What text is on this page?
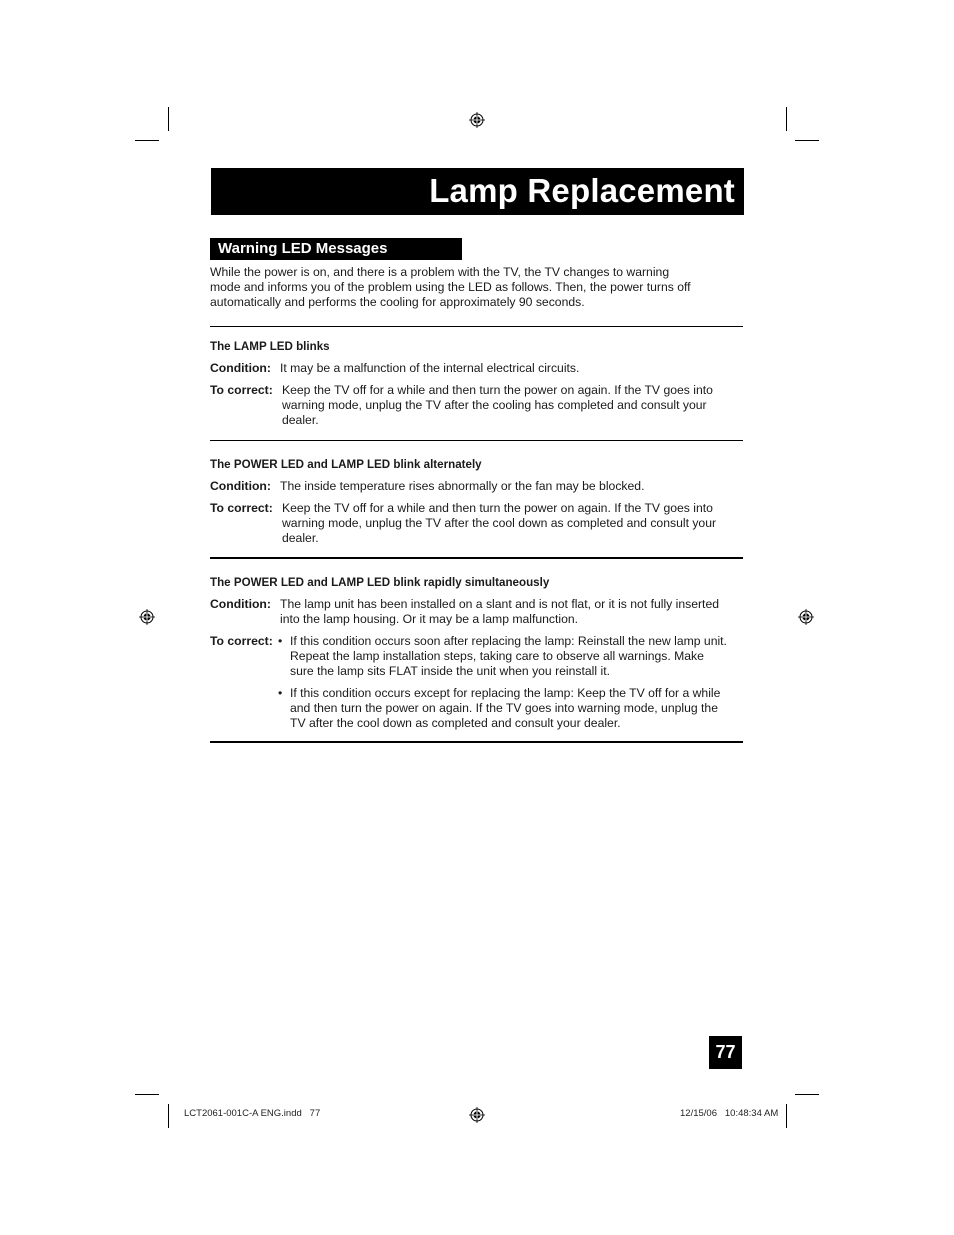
Lamp Replacement
Warning LED Messages
While the power is on, and there is a problem with the TV, the TV changes to warning
mode and informs you of the problem using the LED as follows. Then, the power turns off
automatically and performs the cooling for approximately 90 seconds.
The LAMP LED blinks
Condition: It may be a malfunction of the internal electrical circuits.
To correct: Keep the TV off for a while and then turn the power on again. If the TV goes into
warning mode, unplug the TV after the cooling has completed and consult your
dealer.
The POWER LED and LAMP LED blink alternately
Condition: The inside temperature rises abnormally or the fan may be blocked.
To correct: Keep the TV off for a while and then turn the power on again. If the TV goes into
warning mode, unplug the TV after the cool down as completed and consult your
dealer.
The POWER LED and LAMP LED blink rapidly simultaneously
Condition: The lamp unit has been installed on a slant and is not flat, or it is not fully inserted
into the lamp housing. Or it may be a lamp malfunction.
To correct: • If this condition occurs soon after replacing the lamp: Reinstall the new lamp unit.
Repeat the lamp installation steps, taking care to observe all warnings. Make
sure the lamp sits FLAT inside the unit when you reinstall it.
• If this condition occurs except for replacing the lamp: Keep the TV off for a while
and then turn the power on again. If the TV goes into warning mode, unplug the
TV after the cool down as completed and consult your dealer.
77
LCT2061-001C-A ENG.indd   77	12/15/06   10:48:34 AM
